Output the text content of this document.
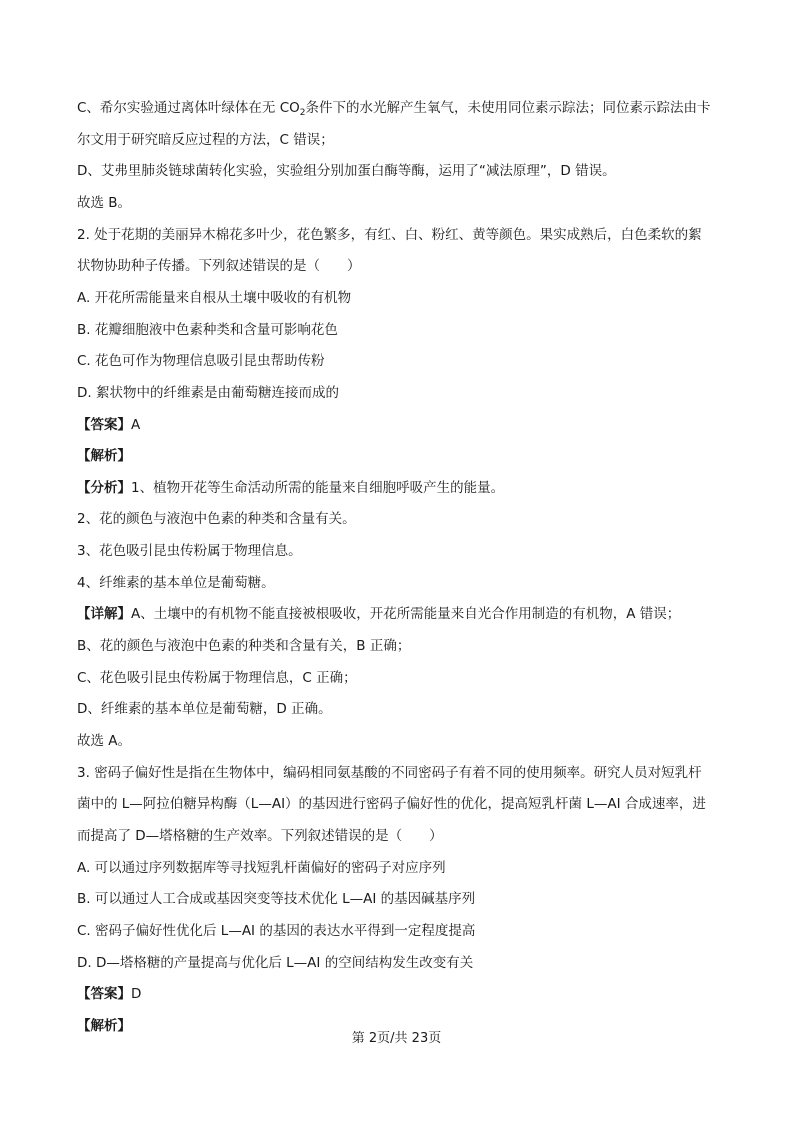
C、希尔实验通过离体叶绿体在无 $CO_2$条件下的水光解产生氧气，未使用同位素示踪法；同位素示踪法由卡
尔文用于研究暗反应过程的方法，C 错误；
D、艾弗里肺炎链球菌转化实验，实验组分别加蛋白酶等酶，运用了“减法原理”，D 错误。
故选 B。
2. 处于花期的美丽异木棉花多叶少，花色繁多，有红、白、粉红、黄等颜色。果实成熟后，白色柔软的絮
状物协助种子传播。下列叙述错误的是（　　）
A. 开花所需能量来自根从土壤中吸收的有机物
B. 花瓣细胞液中色素种类和含量可影响花色
C. 花色可作为物理信息吸引昆虫帮助传粉
D. 絮状物中的纤维素是由葡萄糖连接而成的
【答案】A
【解析】
【分析】1、植物开花等生命活动所需的能量来自细胞呼吸产生的能量。
2、花的颜色与液泡中色素的种类和含量有关。
3、花色吸引昆虫传粉属于物理信息。
4、纤维素的基本单位是葡萄糖。
【详解】A、土壤中的有机物不能直接被根吸收，开花所需能量来自光合作用制造的有机物，A 错误；
B、花的颜色与液泡中色素的种类和含量有关，B 正确；
C、花色吸引昆虫传粉属于物理信息，C 正确；
D、纤维素的基本单位是葡萄糖，D 正确。
故选 A。
3. 密码子偏好性是指在生物体中，编码相同氨基酸的不同密码子有着不同的使用频率。研究人员对短乳杆
菌中的 L—阿拉伯糖异构酶（L—AI）的基因进行密码子偏好性的优化，提高短乳杆菌 L—AI 合成速率，进
而提高了 D—塔格糖的生产效率。下列叙述错误的是（　　）
A. 可以通过序列数据库等寻找短乳杆菌偏好的密码子对应序列
B. 可以通过人工合成或基因突变等技术优化 L—AI 的基因碱基序列
C. 密码子偏好性优化后 L—AI 的基因的表达水平得到一定程度提高
D. D—塔格糖的产量提高与优化后 L—AI 的空间结构发生改变有关
【答案】D
【解析】
第 2页/共 23页
